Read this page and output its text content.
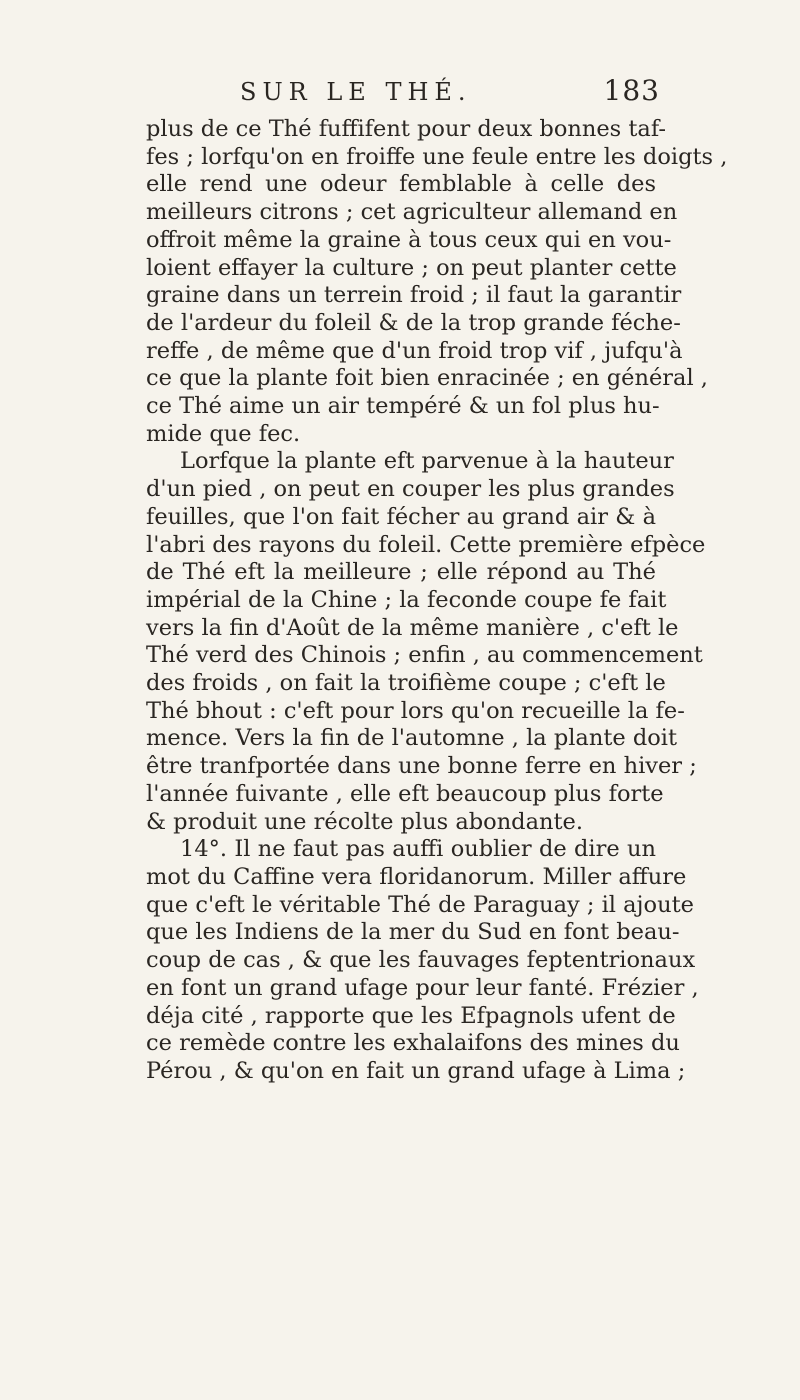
SUR LE THÉ.	183
plus de ce Thé fuffifent pour deux bonnes taf-
fes ; lorfqu'on en froiffe une feule entre les doigts ,
elle rend une odeur femblable à celle des
meilleurs citrons ; cet agriculteur allemand en
offroit même la graine à tous ceux qui en vou-
loient effayer la culture ; on peut planter cette
graine dans un terrein froid ; il faut la garantir
de l'ardeur du foleil & de la trop grande féche-
reffe , de même que d'un froid trop vif , jufqu'à
ce que la plante foit bien enracinée ; en général ,
ce Thé aime un air tempéré & un fol plus hu-
mide que fec.
Lorfque la plante eft parvenue à la hauteur
d'un pied , on peut en couper les plus grandes
feuilles, que l'on fait fécher au grand air & à
l'abri des rayons du foleil. Cette première efpèce
de Thé eft la meilleure ; elle répond au Thé
impérial de la Chine ; la feconde coupe fe fait
vers la fin d'Août de la même manière , c'eft le
Thé verd des Chinois ; enfin , au commencement
des froids , on fait la troifième coupe ; c'eft le
Thé bhout : c'eft pour lors qu'on recueille la fe-
mence. Vers la fin de l'automne , la plante doit
être tranfportée dans une bonne ferre en hiver ;
l'année fuivante , elle eft beaucoup plus forte
& produit une récolte plus abondante.
14°. Il ne faut pas auffi oublier de dire un
mot du Caffine vera floridanorum. Miller affure
que c'eft le véritable Thé de Paraguay ; il ajoute
que les Indiens de la mer du Sud en font beau-
coup de cas , & que les fauvages feptentrionaux
en font un grand ufage pour leur fanté. Frézier ,
déja cité , rapporte que les Efpagnols ufent de
ce remède contre les exhalaifons des mines du
Pérou , & qu'on en fait un grand ufage à Lima ;
